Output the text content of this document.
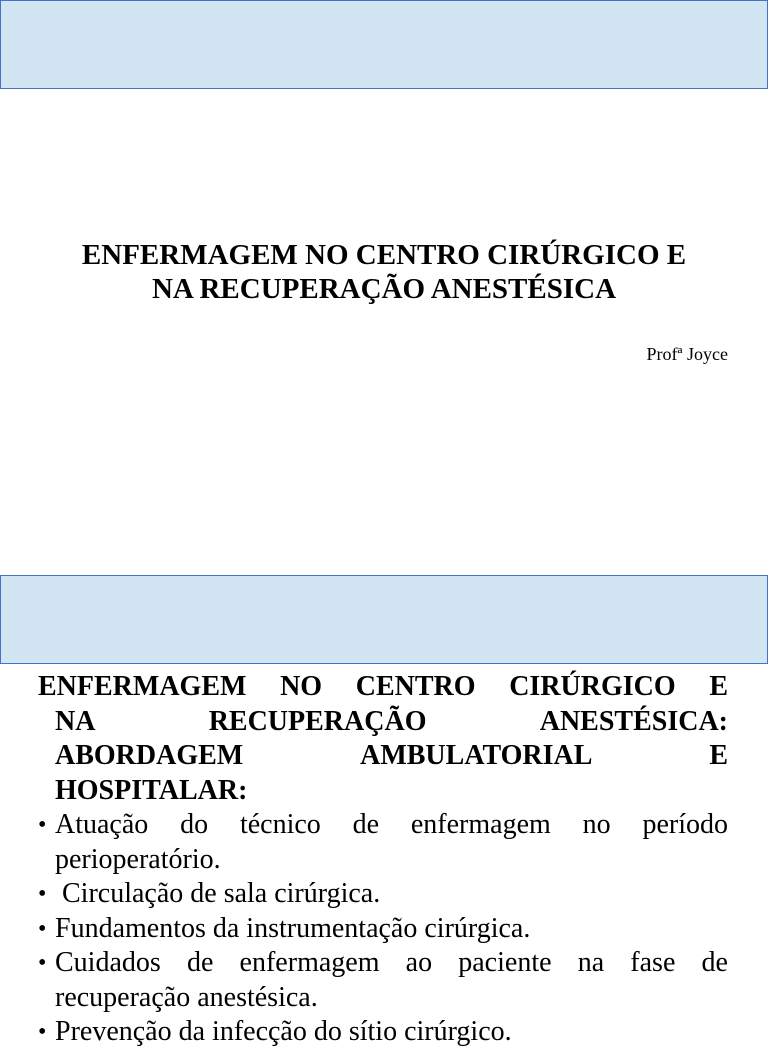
ENFERMAGEM NO CENTRO CIRÚRGICO E
NA RECUPERAÇÃO ANESTÉSICA
Profª Joyce
ENFERMAGEM NO CENTRO CIRÚRGICO E
NA RECUPERAÇÃO ANESTÉSICA:
ABORDAGEM AMBULATORIAL E
HOSPITALAR:
• Atuação do técnico de enfermagem no período perioperatório.
• Circulação de sala cirúrgica.
• Fundamentos da instrumentação cirúrgica.
• Cuidados de enfermagem ao paciente na fase de recuperação anestésica.
• Prevenção da infecção do sítio cirúrgico.
